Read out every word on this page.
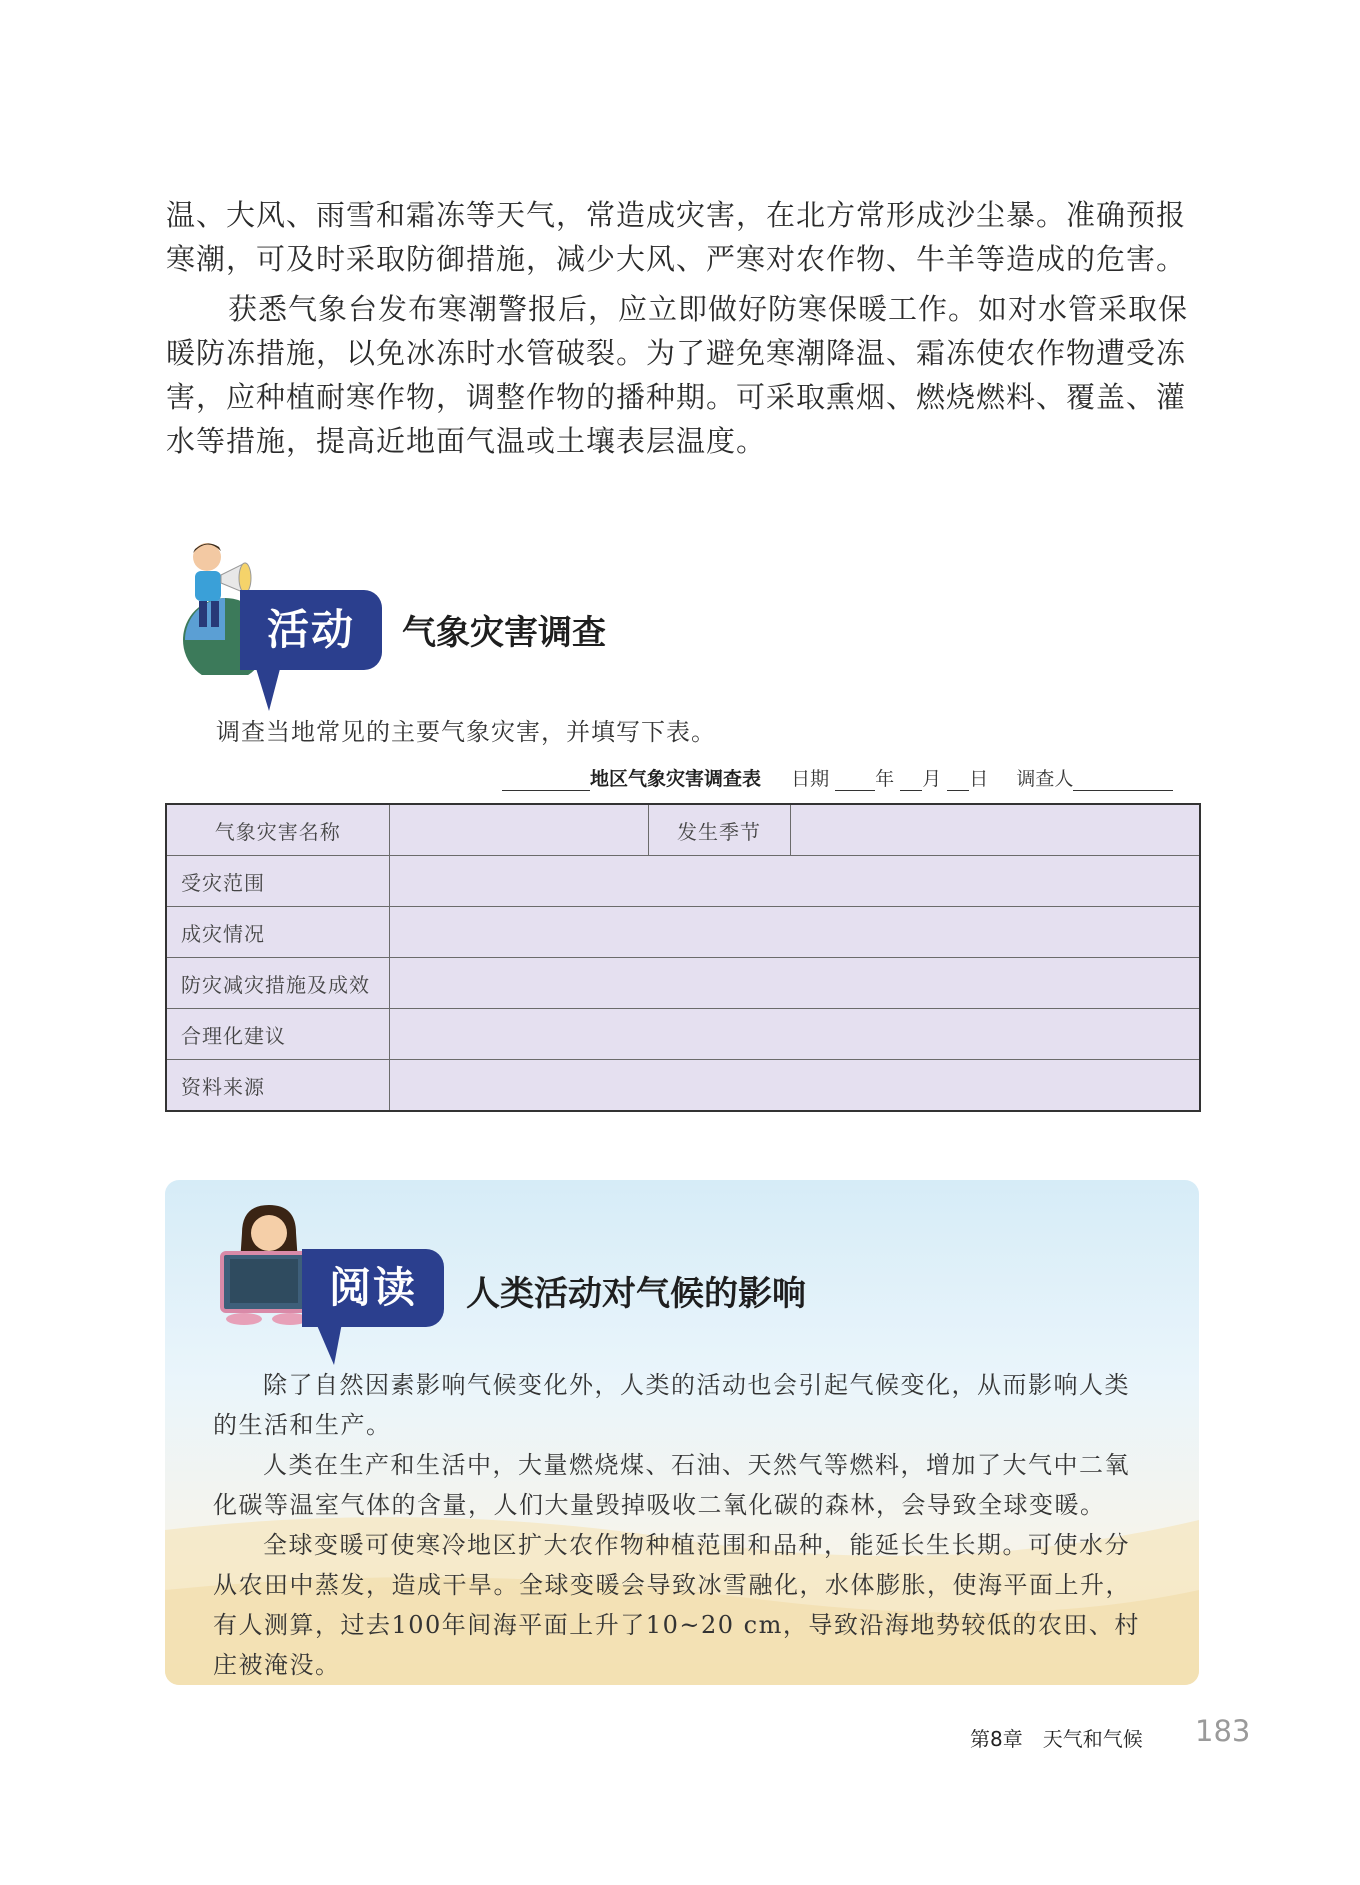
温、大风、雨雪和霜冻等天气，常造成灾害，在北方常形成沙尘暴。准确预报寒潮，可及时采取防御措施，减少大风、严寒对农作物、牛羊等造成的危害。

获悉气象台发布寒潮警报后，应立即做好防寒保暖工作。如对水管采取保暖防冻措施，以免冰冻时水管破裂。为了避免寒潮降温、霜冻使农作物遭受冻害，应种植耐寒作物，调整作物的播种期。可采取熏烟、燃烧燃料、覆盖、灌水等措施，提高近地面气温或土壤表层温度。

活动	气象灾害调查
调查当地常见的主要气象灾害，并填写下表。
地区气象灾害调查表 日期 年 月 日 调查人
气象灾害名称		发生季节	
受灾范围			
成灾情况			
防灾减灾措施及成效			
合理化建议			
资料来源			
阅读	人类活动对气候的影响

除了自然因素影响气候变化外，人类的活动也会引起气候变化，从而影响人类的生活和生产。

人类在生产和生活中，大量燃烧煤、石油、天然气等燃料，增加了大气中二氧化碳等温室气体的含量，人们大量毁掉吸收二氧化碳的森林，会导致全球变暖。

全球变暖可使寒冷地区扩大农作物种植范围和品种，能延长生长期。可使水分从农田中蒸发，造成干旱。全球变暖会导致冰雪融化，水体膨胀，使海平面上升，有人测算，过去100年间海平面上升了10~20 cm，导致沿海地势较低的农田、村庄被淹没。

第8章　天气和气候 183
